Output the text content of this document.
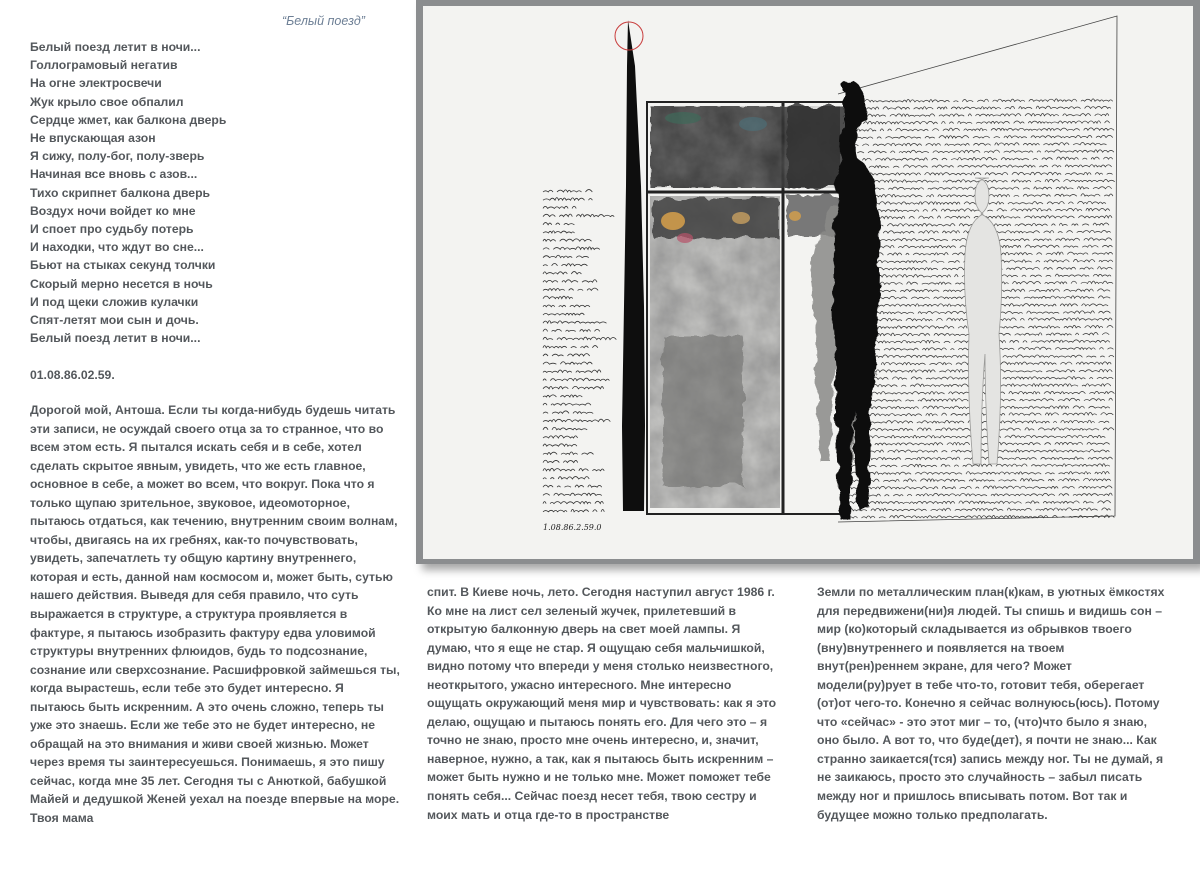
“Белый поезд”
Белый поезд летит в ночи...
Голлограмовый негатив
На огне электросвечи
Жук крыло свое обпалил
Сердце жмет, как балкона дверь
Не впускающая азон
Я сижу, полу-бог, полу-зверь
Начиная все вновь с азов...
Тихо скрипнет балкона дверь
Воздух ночи войдет ко мне
И споет про судьбу потерь
И находки, что ждут во сне...
Бьют на стыках секунд толчки
Скорый мерно несется в ночь
И под щеки сложив кулачки
Спят-летят мои сын и дочь.
Белый поезд летит в ночи...
01.08.86.02.59.

Дорогой мой, Антоша. Если ты когда-нибудь будешь читать эти записи, не осуждай своего отца за то странное, что во всем этом есть. Я пытался искать себя и в себе, хотел сделать скрытое явным, увидеть, что же есть главное, основное в себе, а может во всем, что вокруг. Пока что я только щупаю зрительное, звуковое, идеомоторное, пытаюсь отдаться, как течению, внутренним своим волнам, чтобы, двигаясь на их гребнях, как-то почувствовать, увидеть, запечатлеть ту общую картину внутреннего, которая и есть, данной нам космосом и, может быть, сутью нашего действия. Выведя для себя правило, что суть выражается в структуре, а структура проявляется в фактуре, я пытаюсь изобразить фактуру едва уловимой структуры внутренних флюидов, будь то подсознание, сознание или сверхсознание. Расшифровкой займешься ты, когда вырастешь, если тебе это будет интересно. Я пытаюсь быть искренним. А это очень сложно, теперь ты уже это знаешь. Если же тебе это не будет интересно, не обращай на это внимания и живи своей жизнью. Может через время ты заинтересуешься. Понимаешь, я это пишу сейчас, когда мне 35 лет. Сегодня ты с Анюткой, бабушкой Майей и дедушкой Женей уехал на поезде впервые на море. Твоя мама

спит. В Киеве ночь, лето. Сегодня наступил август 1986 г. Ко мне на лист сел зеленый жучек, прилетевший в открытую балконную дверь на свет моей лампы. Я думаю, что я еще не стар. Я ощущаю себя мальчишкой, видно потому что впереди у меня столько неизвестного, неоткрытого, ужасно интересного. Мне интересно ощущать окружающий меня мир и чувствовать: как я это делаю, ощущаю и пытаюсь понять его. Для чего это – я точно не знаю, просто мне очень интересно, и, значит, наверное, нужно, а так, как я пытаюсь быть искренним – может быть нужно и не только мне. Может поможет тебе понять себя... Сейчас поезд несет тебя, твою сестру и моих мать и отца где-то в пространстве

Земли по металлическим план(к)кам, в уютных ёмкостях для передвижени(ни)я людей. Ты спишь и видишь сон – мир (ко)который складывается из обрывков твоего (вну)внутреннего и появляется на твоем внут(рен)реннем экране, для чего? Может модели(ру)рует в тебе что-то, готовит тебя, оберегает (от)от чего-то. Конечно я сейчас волнуюсь(юсь). Потому что «сейчас» - это этот миг – то, (что)что было я знаю, оно было. А вот то, что буде(дет), я почти не знаю... Как странно заикается(тся) запись между ног. Ты не думай, я не заикаюсь, просто это случайность – забыл писать между ног и пришлось вписывать потом. Вот так и будущее можно только предполагать.

1.08.86.2.59.0
